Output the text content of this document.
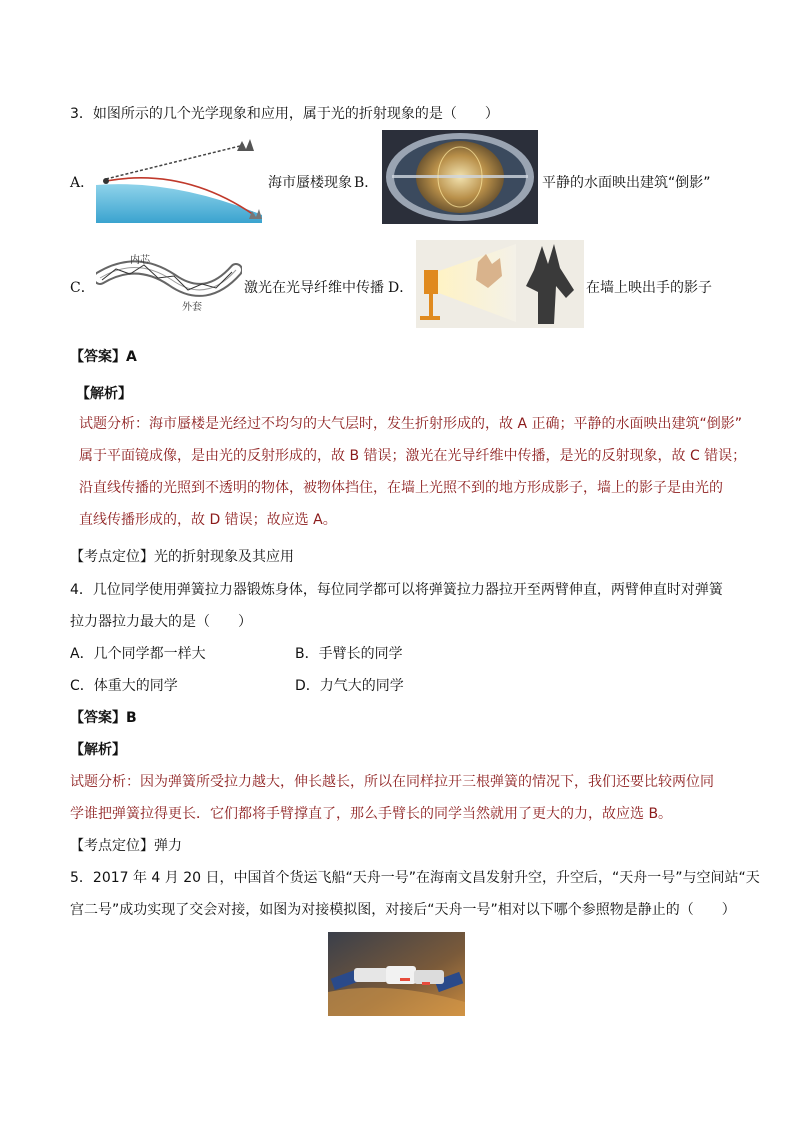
3．如图所示的几个光学现象和应用，属于光的折射现象的是（　　）
A．	海市蜃楼现象 B．	平静的水面映出建筑“倒影”
C．
内芯
外套
激光在光导纤维中传播 D．	在墙上映出手的影子
【答案】A
【解析】
试题分析：海市蜃楼是光经过不均匀的大气层时，发生折射形成的，故 A 正确；平静的水面映出建筑“倒影”
属于平面镜成像，是由光的反射形成的，故 B 错误；激光在光导纤维中传播，是光的反射现象，故 C 错误；
沿直线传播的光照到不透明的物体，被物体挡住，在墙上光照不到的地方形成影子，墙上的影子是由光的
直线传播形成的，故 D 错误；故应选 A。
【考点定位】光的折射现象及其应用
4．几位同学使用弹簧拉力器锻炼身体，每位同学都可以将弹簧拉力器拉开至两臂伸直，两臂伸直时对弹簧
拉力器拉力最大的是（　　）
A．几个同学都一样大	B．手臂长的同学
C．体重大的同学	D．力气大的同学
【答案】B
【解析】
试题分析：因为弹簧所受拉力越大，伸长越长，所以在同样拉开三根弹簧的情况下，我们还要比较两位同
学谁把弹簧拉得更长．它们都将手臂撑直了，那么手臂长的同学当然就用了更大的力，故应选 B。
【考点定位】弹力
5．2017 年 4 月 20 日，中国首个货运飞船“天舟一号”在海南文昌发射升空，升空后，“天舟一号”与空间站“天
宫二号”成功实现了交会对接，如图为对接模拟图，对接后“天舟一号”相对以下哪个参照物是静止的（　　）
